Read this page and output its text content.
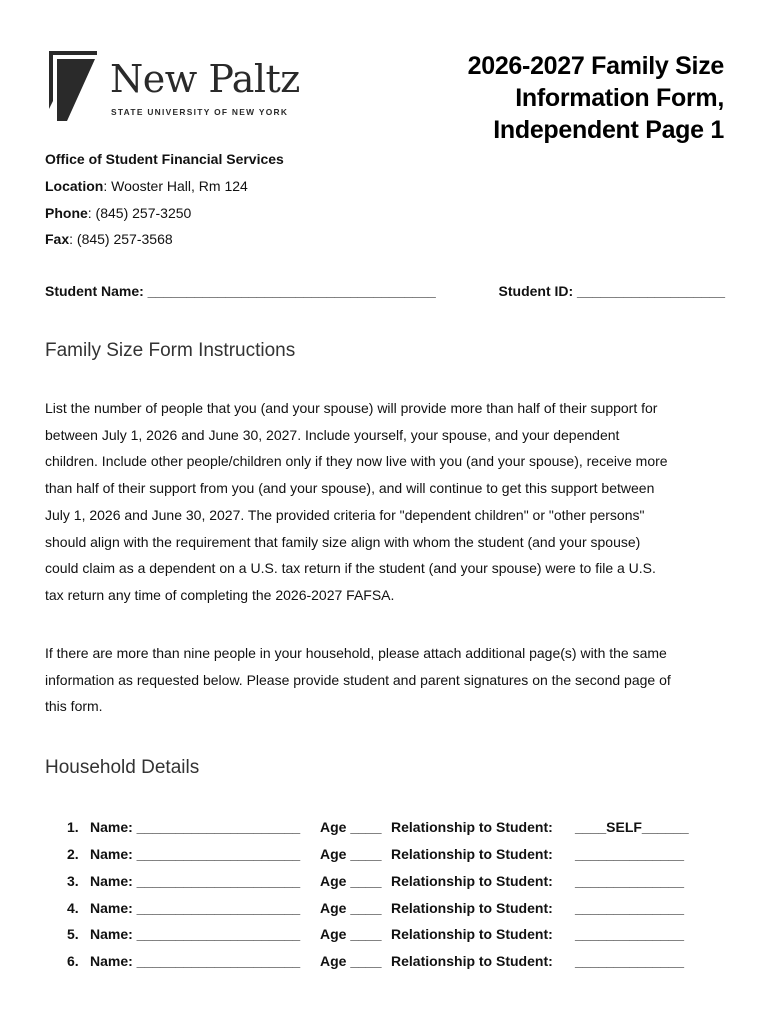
New Paltz
STATE UNIVERSITY OF NEW YORK
2026-2027 Family Size
Information Form,
Independent Page 1
Office of Student Financial Services
Location: Wooster Hall, Rm 124
Phone: (845) 257-3250
Fax: (845) 257-3568
Student Name: _____________________________________	Student ID: ___________________
Family Size Form Instructions
List the number of people that you (and your spouse) will provide more than half of their support for
between July 1, 2026 and June 30, 2027. Include yourself, your spouse, and your dependent
children. Include other people/children only if they now live with you (and your spouse), receive more
than half of their support from you (and your spouse), and will continue to get this support between
July 1, 2026 and June 30, 2027. The provided criteria for "dependent children" or "other persons"
should align with the requirement that family size align with whom the student (and your spouse)
could claim as a dependent on a U.S. tax return if the student (and your spouse) were to file a U.S.
tax return any time of completing the 2026-2027 FAFSA.
If there are more than nine people in your household, please attach additional page(s) with the same
information as requested below. Please provide student and parent signatures on the second page of
this form.
Household Details
1. Name: _____________________ Age ____ Relationship to Student: ____SELF______
2. Name: _____________________ Age ____ Relationship to Student: ______________
3. Name: _____________________ Age ____ Relationship to Student: ______________
4. Name: _____________________ Age ____ Relationship to Student: ______________
5. Name: _____________________ Age ____ Relationship to Student: ______________
6. Name: _____________________ Age ____ Relationship to Student: ______________
